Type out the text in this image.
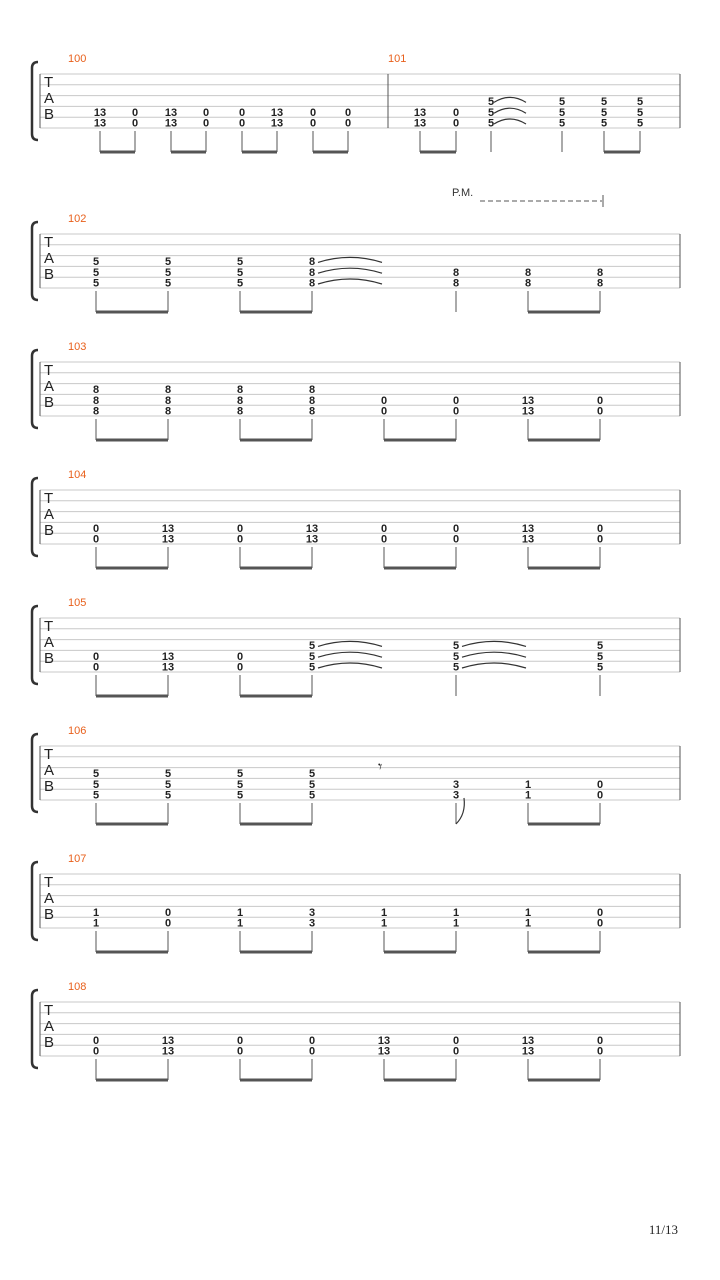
T
A
B
100
13
13
0
0
13
13
0
0
0
0
13
13
0
0
0
0
101
13
13
0
0
5
5
5
5
5
5
5
5
5
5
5
5
T
A
B
102
5
5
5
5
5
5
5
5
5
8
8
8
8
8
8
8
8
8
T
A
B
103
8
8
8
8
8
8
8
8
8
8
8
8
0
0
0
0
13
13
0
0
T
A
B
104
0
0
13
13
0
0
13
13
0
0
0
0
13
13
0
0
T
A
B
105
0
0
13
13
0
0
5
5
5
5
5
5
5
5
5
T
A
B
106
5
5
5
5
5
5
5
5
5
5
5
5
3
3
1
1
0
0
T
A
B
107
1
1
0
0
1
1
3
3
1
1
1
1
1
1
0
0
T
A
B
108
0
0
13
13
0
0
0
0
13
13
0
0
13
13
0
0
P.M.
𝄾
11/13
